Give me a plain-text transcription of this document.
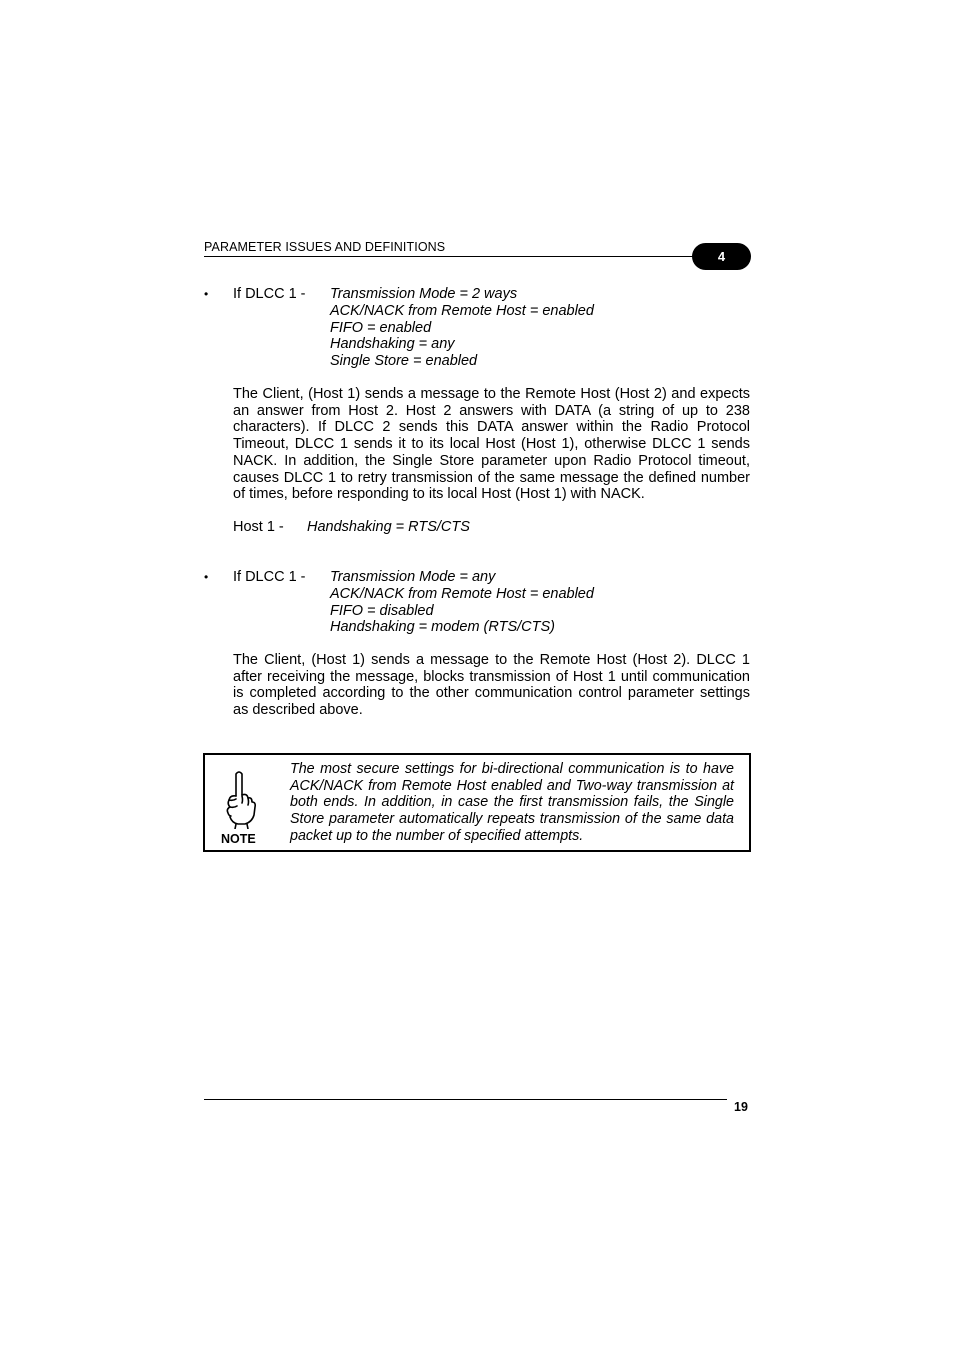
PARAMETER ISSUES AND DEFINITIONS
4
• If DLCC 1 - Transmission Mode = 2 ways
ACK/NACK from Remote Host = enabled
FIFO = enabled
Handshaking = any
Single Store = enabled
The Client, (Host 1) sends a message to the Remote Host (Host 2) and expects an answer from Host 2. Host 2 answers with DATA (a string of up to 238 characters). If DLCC 2 sends this DATA answer within the Radio Protocol Timeout, DLCC 1 sends it to its local Host (Host 1), otherwise DLCC 1 sends NACK. In addition, the Single Store parameter upon Radio Protocol timeout, causes DLCC 1 to retry transmission of the same message the defined number of times, before responding to its local Host (Host 1) with NACK.
Host 1 - Handshaking = RTS/CTS
• If DLCC 1 - Transmission Mode = any
ACK/NACK from Remote Host = enabled
FIFO = disabled
Handshaking = modem (RTS/CTS)
The Client, (Host 1) sends a message to the Remote Host (Host 2). DLCC 1 after receiving the message, blocks transmission of Host 1 until communication is completed according to the other communication control parameter settings as described above.
NOTE
The most secure settings for bi-directional communication is to have ACK/NACK from Remote Host enabled and Two-way transmission at both ends. In addition, in case the first transmission fails, the Single Store parameter automatically repeats transmission of the same data packet up to the number of specified attempts.
19
